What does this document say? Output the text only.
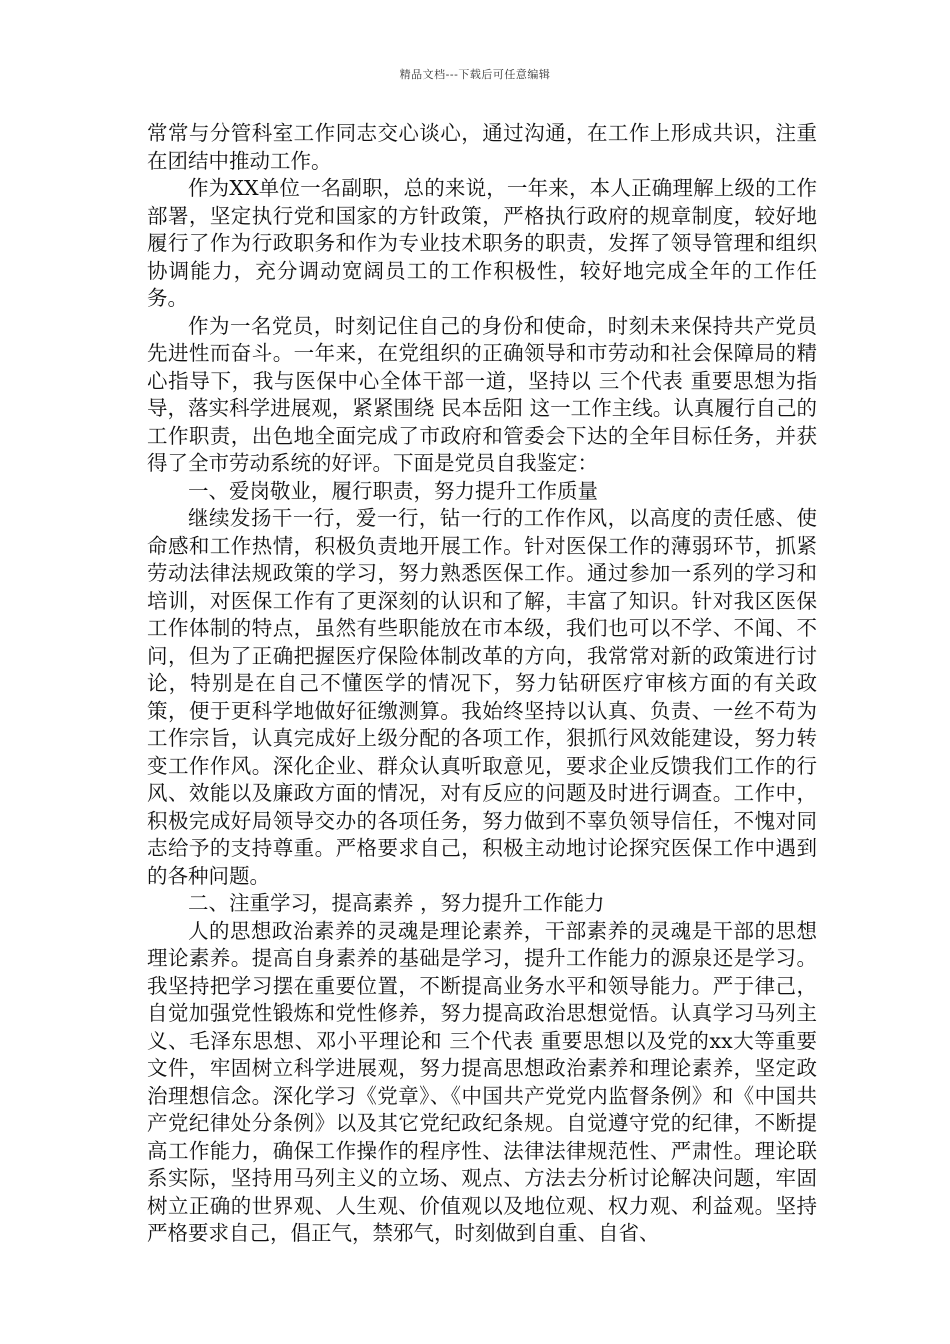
精品文档---下载后可任意编辑

常常与分管科室工作同志交心谈心，通过沟通，在工作上形成共识，注重在团结中推动工作。

作为XX单位一名副职，总的来说，一年来，本人正确理解上级的工作部署，坚定执行党和国家的方针政策，严格执行政府的规章制度，较好地履行了作为行政职务和作为专业技术职务的职责，发挥了领导管理和组织协调能力，充分调动宽阔员工的工作积极性，较好地完成全年的工作任务。

作为一名党员，时刻记住自己的身份和使命，时刻未来保持共产党员先进性而奋斗。一年来，在党组织的正确领导和市劳动和社会保障局的精心指导下，我与医保中心全体干部一道，坚持以 三个代表 重要思想为指导，落实科学进展观，紧紧围绕 民本岳阳 这一工作主线。认真履行自己的工作职责，出色地全面完成了市政府和管委会下达的全年目标任务，并获得了全市劳动系统的好评。下面是党员自我鉴定：

一、爱岗敬业，履行职责，努力提升工作质量

继续发扬干一行，爱一行，钻一行的工作作风，以高度的责任感、使命感和工作热情，积极负责地开展工作。针对医保工作的薄弱环节，抓紧劳动法律法规政策的学习，努力熟悉医保工作。通过参加一系列的学习和培训，对医保工作有了更深刻的认识和了解，丰富了知识。针对我区医保工作体制的特点，虽然有些职能放在市本级，我们也可以不学、不闻、不问，但为了正确把握医疗保险体制改革的方向，我常常对新的政策进行讨论，特别是在自己不懂医学的情况下，努力钻研医疗审核方面的有关政策，便于更科学地做好征缴测算。我始终坚持以认真、负责、一丝不苟为工作宗旨，认真完成好上级分配的各项工作，狠抓行风效能建设，努力转变工作作风。深化企业、群众认真听取意见，要求企业反馈我们工作的行风、效能以及廉政方面的情况，对有反应的问题及时进行调查。工作中，积极完成好局领导交办的各项任务，努力做到不辜负领导信任，不愧对同志给予的支持尊重。严格要求自己，积极主动地讨论探究医保工作中遇到的各种问题。

二、注重学习，提高素养 ，努力提升工作能力

人的思想政治素养的灵魂是理论素养，干部素养的灵魂是干部的思想理论素养。提高自身素养的基础是学习，提升工作能力的源泉还是学习。我坚持把学习摆在重要位置，不断提高业务水平和领导能力。严于律己，自觉加强党性锻炼和党性修养，努力提高政治思想觉悟。认真学习马列主义、毛泽东思想、邓小平理论和 三个代表 重要思想以及党的xx大等重要文件，牢固树立科学进展观，努力提高思想政治素养和理论素养，坚定政治理想信念。深化学习《党章》、《中国共产党党内监督条例》和《中国共产党纪律处分条例》以及其它党纪政纪条规。自觉遵守党的纪律，不断提高工作能力，确保工作操作的程序性、法律法律规范性、严肃性。理论联系实际，坚持用马列主义的立场、观点、方法去分析讨论解决问题，牢固树立正确的世界观、人生观、价值观以及地位观、权力观、利益观。坚持严格要求自己，倡正气，禁邪气，时刻做到自重、自省、
